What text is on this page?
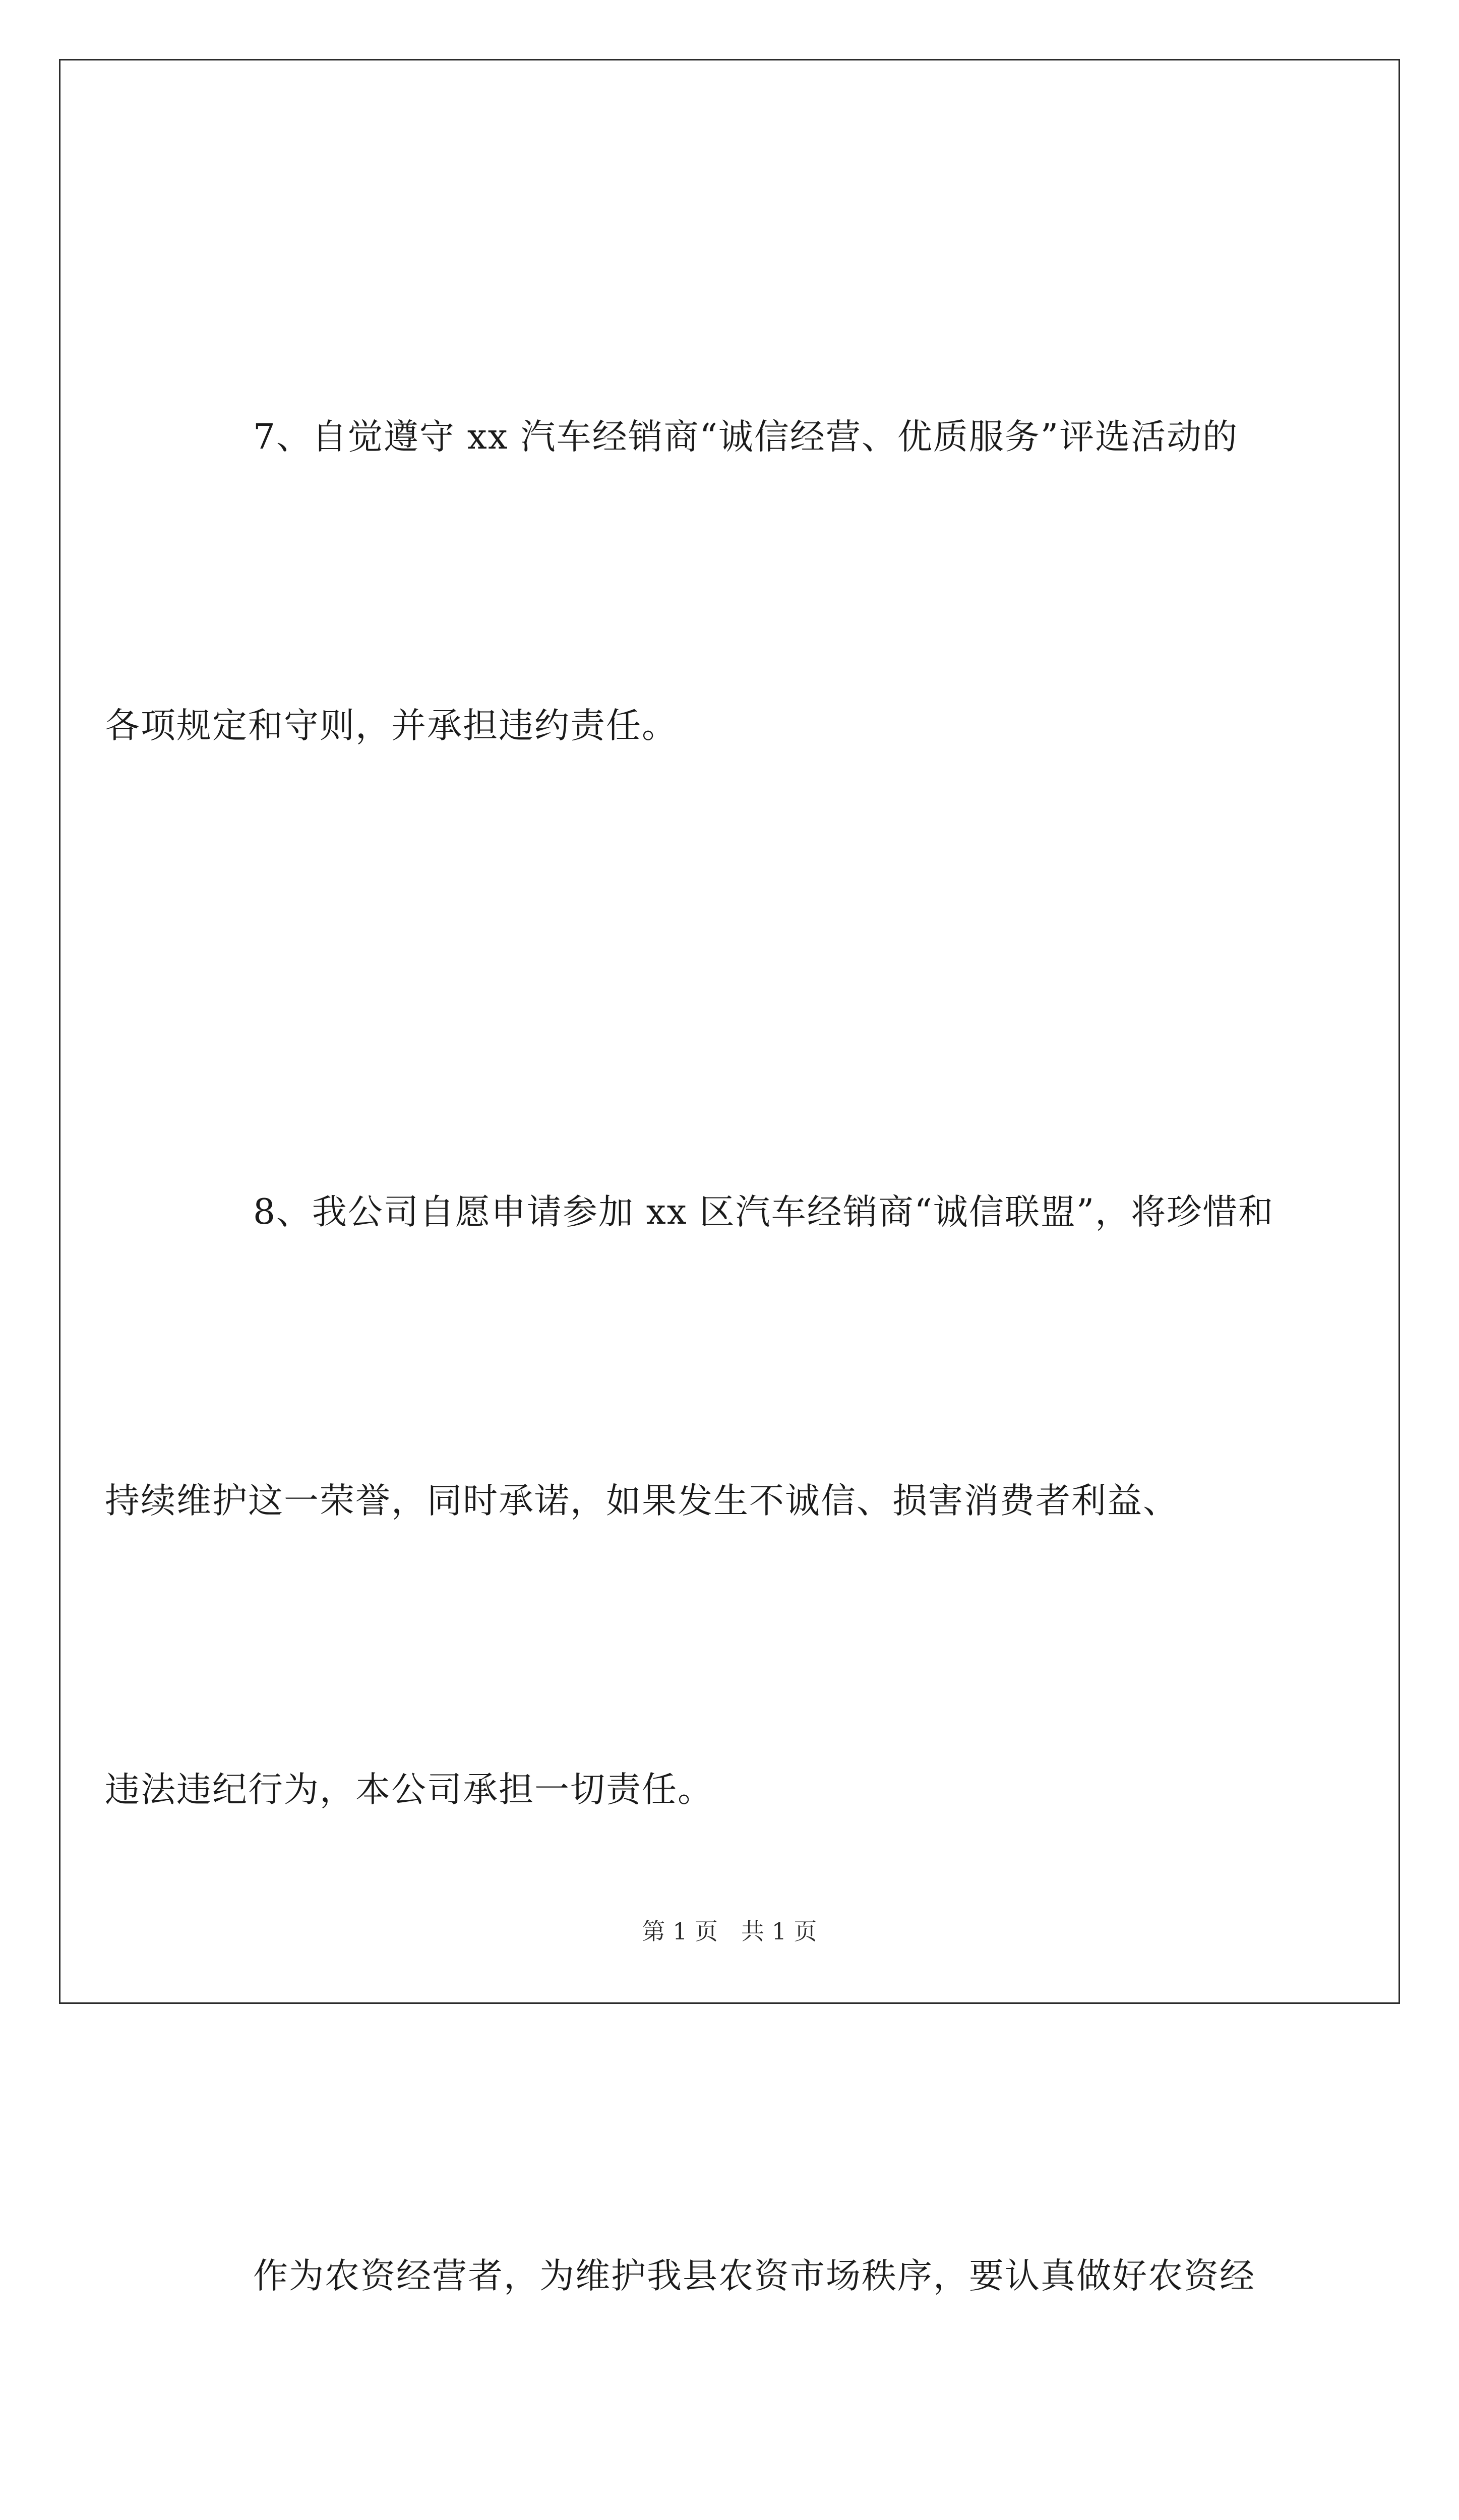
7、自觉遵守 xx 汽车经销商“诚信经营、优质服务”评选活动的

各项规定和守则，并承担违约责任。

8、我公司自愿申请参加 xx 区汽车经销商“诚信联盟”，将珍惜和

持续维护这一荣誉，同时承诺，如果发生不诚信、损害消费者利益、

违法违纪行为，本公司承担一切责任。

作为农资经营者，为维护我县农资市场秩序，要认真做好农资经

第 1 页　共 1 页
